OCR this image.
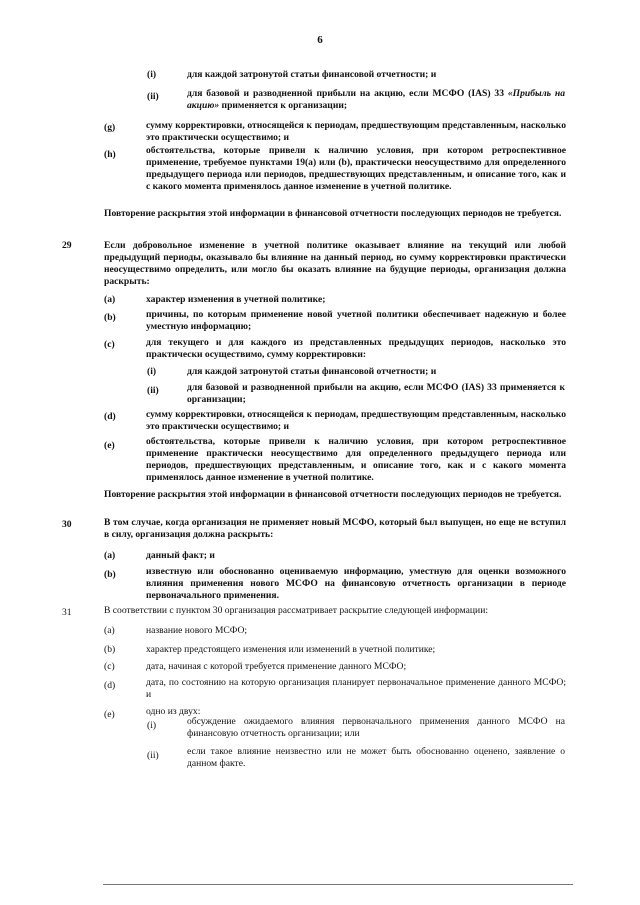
6
(i)	для каждой затронутой статьи финансовой отчетности; и
(ii)	для базовой и разводненной прибыли на акцию, если МСФО (IAS) 33 «Прибыль на акцию» применяется к организации;
(g)	сумму корректировки, относящейся к периодам, предшествующим представленным, насколько это практически осуществимо; и
(h)	обстоятельства, которые привели к наличию условия, при котором ретроспективное применение, требуемое пунктами 19(a) или (b), практически неосуществимо для определенного предыдущего периода или периодов, предшествующих представленным, и описание того, как и с какого момента применялось данное изменение в учетной политике.
Повторение раскрытия этой информации в финансовой отчетности последующих периодов не требуется.
29	Если добровольное изменение в учетной политике оказывает влияние на текущий или любой предыдущий периоды, оказывало бы влияние на данный период, но сумму корректировки практически неосуществимо определить, или могло бы оказать влияние на будущие периоды, организация должна раскрыть:
(a)	характер изменения в учетной политике;
(b)	причины, по которым применение новой учетной политики обеспечивает надежную и более уместную информацию;
(c)	для текущего и для каждого из представленных предыдущих периодов, насколько это практически осуществимо, сумму корректировки:
(i)	для каждой затронутой статьи финансовой отчетности; и
(ii)	для базовой и разводненной прибыли на акцию, если МСФО (IAS) 33 применяется к организации;
(d)	сумму корректировки, относящейся к периодам, предшествующим представленным, насколько это практически осуществимо; и
(e)	обстоятельства, которые привели к наличию условия, при котором ретроспективное применение практически неосуществимо для определенного предыдущего периода или периодов, предшествующих представленным, и описание того, как и с какого момента применялось данное изменение в учетной политике.
Повторение раскрытия этой информации в финансовой отчетности последующих периодов не требуется.
30	В том случае, когда организация не применяет новый МСФО, который был выпущен, но еще не вступил в силу, организация должна раскрыть:
(a)	данный факт; и
(b)	известную или обоснованно оцениваемую информацию, уместную для оценки возможного влияния применения нового МСФО на финансовую отчетность организации в периоде первоначального применения.
31	В соответствии с пунктом 30 организация рассматривает раскрытие следующей информации:
(a)	название нового МСФО;
(b)	характер предстоящего изменения или изменений в учетной политике;
(c)	дата, начиная с которой требуется применение данного МСФО;
(d)	дата, по состоянию на которую организация планирует первоначальное применение данного МСФО; и
(e)	одно из двух:
(i)	обсуждение ожидаемого влияния первоначального применения данного МСФО на финансовую отчетность организации; или
(ii)	если такое влияние неизвестно или не может быть обоснованно оценено, заявление о данном факте.
